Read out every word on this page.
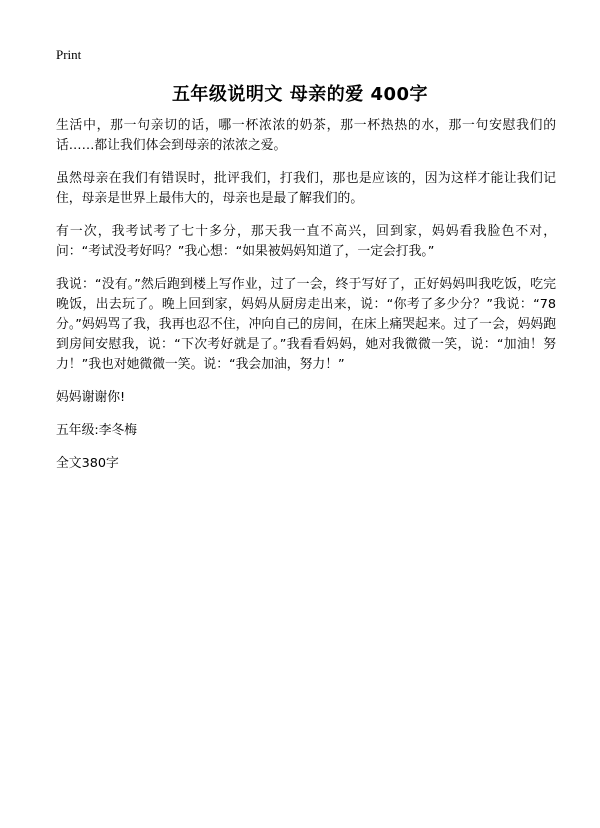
Print
五年级说明文 母亲的爱 400字

生活中，那一句亲切的话，哪一杯浓浓的奶茶，那一杯热热的水，那一句安慰我们的话……都让我们体会到母亲的浓浓之爱。

虽然母亲在我们有错误时，批评我们，打我们，那也是应该的，因为这样才能让我们记住，母亲是世界上最伟大的，母亲也是最了解我们的。

有一次，我考试考了七十多分，那天我一直不高兴，回到家，妈妈看我脸色不对，问：“考试没考好吗？”我心想：“如果被妈妈知道了，一定会打我。”

我说：“没有。”然后跑到楼上写作业，过了一会，终于写好了，正好妈妈叫我吃饭，吃完晚饭，出去玩了。晚上回到家，妈妈从厨房走出来，说：“你考了多少分？”我说：“78分。”妈妈骂了我，我再也忍不住，冲向自己的房间，在床上痛哭起来。过了一会，妈妈跑到房间安慰我，说：“下次考好就是了。”我看看妈妈，她对我微微一笑，说：“加油！努力！”我也对她微微一笑。说：“我会加油，努力！”

妈妈谢谢你!

五年级:李冬梅

全文380字
